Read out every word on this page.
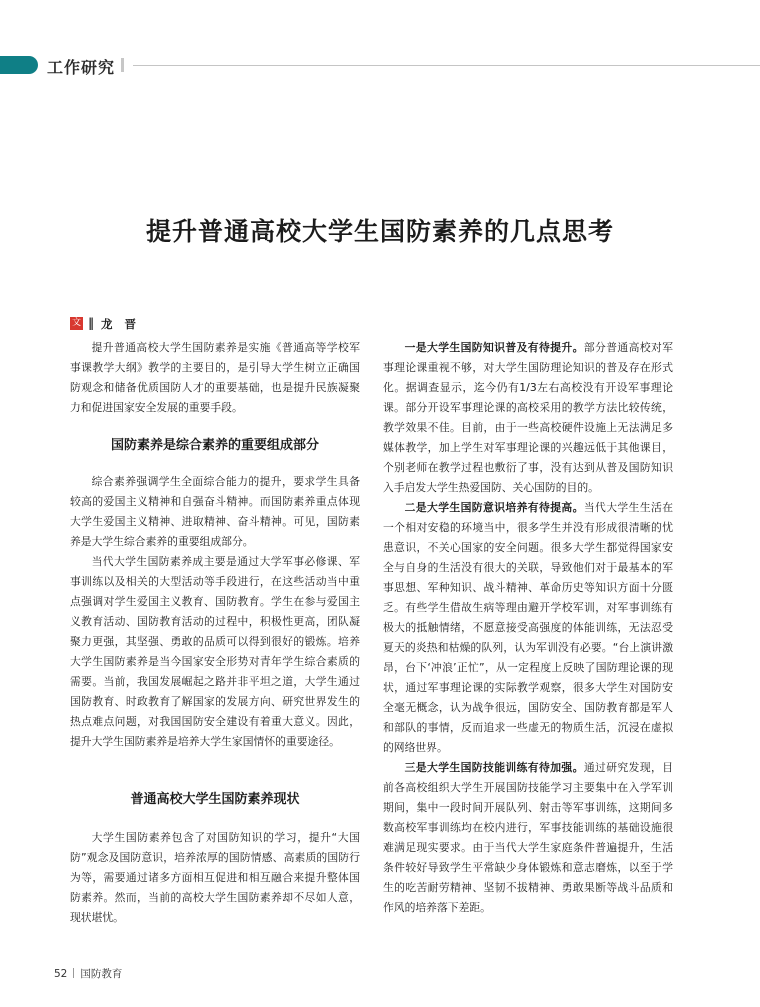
工作研究
提升普通高校大学生国防素养的几点思考
文 ‖ 龙 晋

提升普通高校大学生国防素养是实施《普通高等学校军事课教学大纲》教学的主要目的，是引导大学生树立正确国防观念和储备优质国防人才的重要基础，也是提升民族凝聚力和促进国家安全发展的重要手段。

国防素养是综合素养的重要组成部分

综合素养强调学生全面综合能力的提升，要求学生具备较高的爱国主义精神和自强奋斗精神。而国防素养重点体现大学生爱国主义精神、进取精神、奋斗精神。可见，国防素养是大学生综合素养的重要组成部分。

当代大学生国防素养成主要是通过大学军事必修课、军事训练以及相关的大型活动等手段进行，在这些活动当中重点强调对学生爱国主义教育、国防教育。学生在参与爱国主义教育活动、国防教育活动的过程中，积极性更高，团队凝聚力更强，其坚强、勇敢的品质可以得到很好的锻炼。培养大学生国防素养是当今国家安全形势对青年学生综合素质的需要。当前，我国发展崛起之路并非平坦之道，大学生通过国防教育、时政教育了解国家的发展方向、研究世界发生的热点难点问题，对我国国防安全建设有着重大意义。因此，提升大学生国防素养是培养大学生家国情怀的重要途径。

普通高校大学生国防素养现状

大学生国防素养包含了对国防知识的学习，提升“大国防”观念及国防意识，培养浓厚的国防情感、高素质的国防行为等，需要通过诸多方面相互促进和相互融合来提升整体国防素养。然而，当前的高校大学生国防素养却不尽如人意，现状堪忧。

一是大学生国防知识普及有待提升。部分普通高校对军事理论课重视不够，对大学生国防理论知识的普及存在形式化。据调查显示，迄今仍有1/3左右高校没有开设军事理论课。部分开设军事理论课的高校采用的教学方法比较传统，教学效果不佳。目前，由于一些高校硬件设施上无法满足多媒体教学，加上学生对军事理论课的兴趣远低于其他课目，个别老师在教学过程也敷衍了事，没有达到从普及国防知识入手启发大学生热爱国防、关心国防的目的。

二是大学生国防意识培养有待提高。当代大学生生活在一个相对安稳的环境当中，很多学生并没有形成很清晰的忧患意识，不关心国家的安全问题。很多大学生都觉得国家安全与自身的生活没有很大的关联，导致他们对于最基本的军事思想、军种知识、战斗精神、革命历史等知识方面十分匮乏。有些学生借故生病等理由避开学校军训，对军事训练有极大的抵触情绪，不愿意接受高强度的体能训练，无法忍受夏天的炎热和枯燥的队列，认为军训没有必要。“台上演讲激昂，台下‘冲浪’正忙”，从一定程度上反映了国防理论课的现状，通过军事理论课的实际教学观察，很多大学生对国防安全毫无概念，认为战争很远，国防安全、国防教育都是军人和部队的事情，反而追求一些虚无的物质生活，沉浸在虚拟的网络世界。

三是大学生国防技能训练有待加强。通过研究发现，目前各高校组织大学生开展国防技能学习主要集中在入学军训期间，集中一段时间开展队列、射击等军事训练，这期间多数高校军事训练均在校内进行，军事技能训练的基础设施很难满足现实要求。由于当代大学生家庭条件普遍提升，生活条件较好导致学生平常缺少身体锻炼和意志磨炼，以至于学生的吃苦耐劳精神、坚韧不拔精神、勇敢果断等战斗品质和作风的培养落下差距。

52 国防教育
